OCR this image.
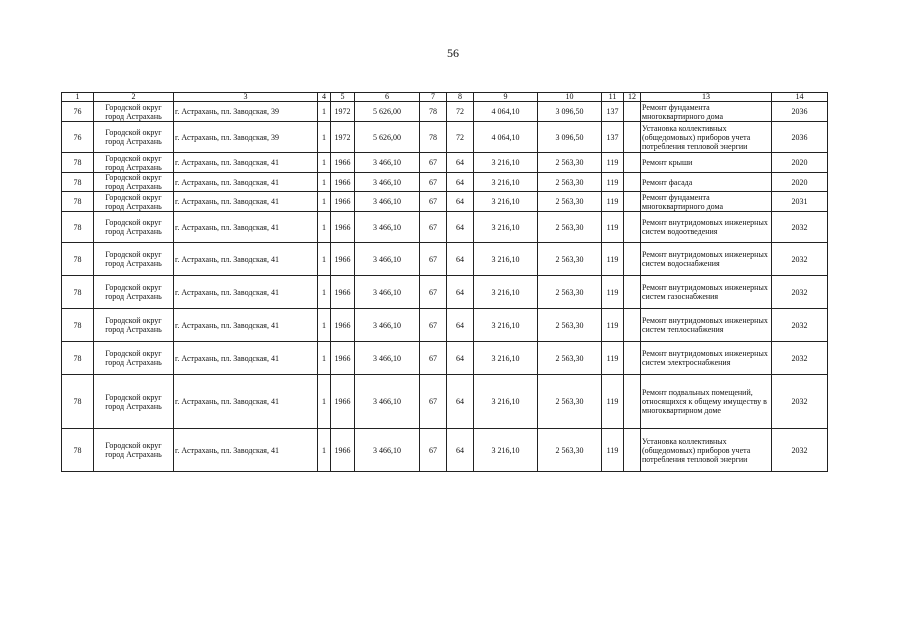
56
1	2	3	4	5	6	7	8	9	10	11	12	13	14
76	Городской округ город Астрахань	г. Астрахань, пл. Заводская, 39	1	1972	5 626,00	78	72	4 064,10	3 096,50	137		Ремонт фундамента многоквартирного дома	2036
76	Городской округ город Астрахань	г. Астрахань, пл. Заводская, 39	1	1972	5 626,00	78	72	4 064,10	3 096,50	137		Установка коллективных (общедомовых) приборов учета потребления тепловой энергии	2036
78	Городской округ город Астрахань	г. Астрахань, пл. Заводская, 41	1	1966	3 466,10	67	64	3 216,10	2 563,30	119		Ремонт крыши	2020
78	Городской округ город Астрахань	г. Астрахань, пл. Заводская, 41	1	1966	3 466,10	67	64	3 216,10	2 563,30	119		Ремонт фасада	2020
78	Городской округ город Астрахань	г. Астрахань, пл. Заводская, 41	1	1966	3 466,10	67	64	3 216,10	2 563,30	119		Ремонт фундамента многоквартирного дома	2031
78	Городской округ город Астрахань	г. Астрахань, пл. Заводская, 41	1	1966	3 466,10	67	64	3 216,10	2 563,30	119		Ремонт внутридомовых инженерных систем водоотведения	2032
78	Городской округ город Астрахань	г. Астрахань, пл. Заводская, 41	1	1966	3 466,10	67	64	3 216,10	2 563,30	119		Ремонт внутридомовых инженерных систем водоснабжения	2032
78	Городской округ город Астрахань	г. Астрахань, пл. Заводская, 41	1	1966	3 466,10	67	64	3 216,10	2 563,30	119		Ремонт внутридомовых инженерных систем газоснабжения	2032
78	Городской округ город Астрахань	г. Астрахань, пл. Заводская, 41	1	1966	3 466,10	67	64	3 216,10	2 563,30	119		Ремонт внутридомовых инженерных систем теплоснабжения	2032
78	Городской округ город Астрахань	г. Астрахань, пл. Заводская, 41	1	1966	3 466,10	67	64	3 216,10	2 563,30	119		Ремонт внутридомовых инженерных систем электроснабжения	2032
78	Городской округ город Астрахань	г. Астрахань, пл. Заводская, 41	1	1966	3 466,10	67	64	3 216,10	2 563,30	119		Ремонт подвальных помещений, относящихся к общему имуществу в многоквартирном доме	2032
78	Городской округ город Астрахань	г. Астрахань, пл. Заводская, 41	1	1966	3 466,10	67	64	3 216,10	2 563,30	119		Установка коллективных (общедомовых) приборов учета потребления тепловой энергии	2032
